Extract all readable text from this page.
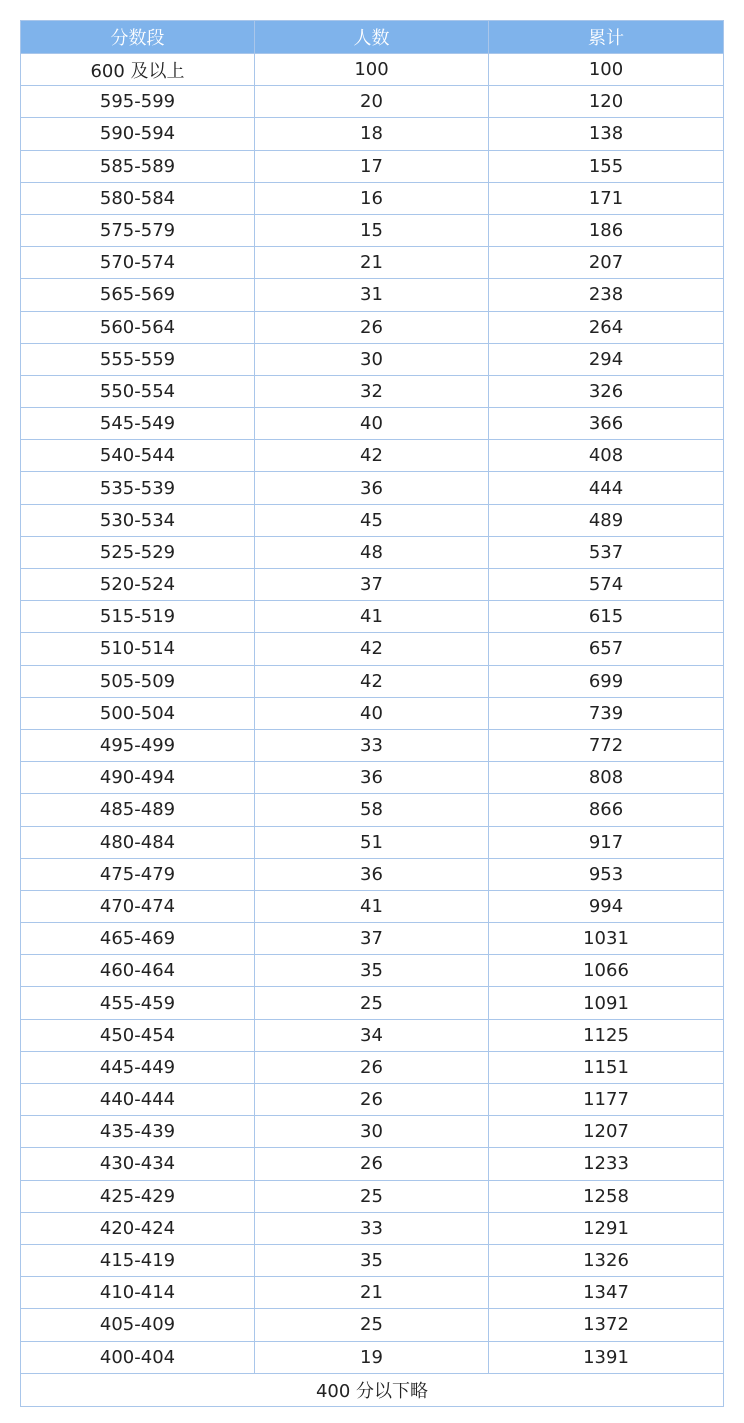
分数段	人数	累计
600 及以上	100	100
595-599	20	120
590-594	18	138
585-589	17	155
580-584	16	171
575-579	15	186
570-574	21	207
565-569	31	238
560-564	26	264
555-559	30	294
550-554	32	326
545-549	40	366
540-544	42	408
535-539	36	444
530-534	45	489
525-529	48	537
520-524	37	574
515-519	41	615
510-514	42	657
505-509	42	699
500-504	40	739
495-499	33	772
490-494	36	808
485-489	58	866
480-484	51	917
475-479	36	953
470-474	41	994
465-469	37	1031
460-464	35	1066
455-459	25	1091
450-454	34	1125
445-449	26	1151
440-444	26	1177
435-439	30	1207
430-434	26	1233
425-429	25	1258
420-424	33	1291
415-419	35	1326
410-414	21	1347
405-409	25	1372
400-404	19	1391
400 分以下略		
